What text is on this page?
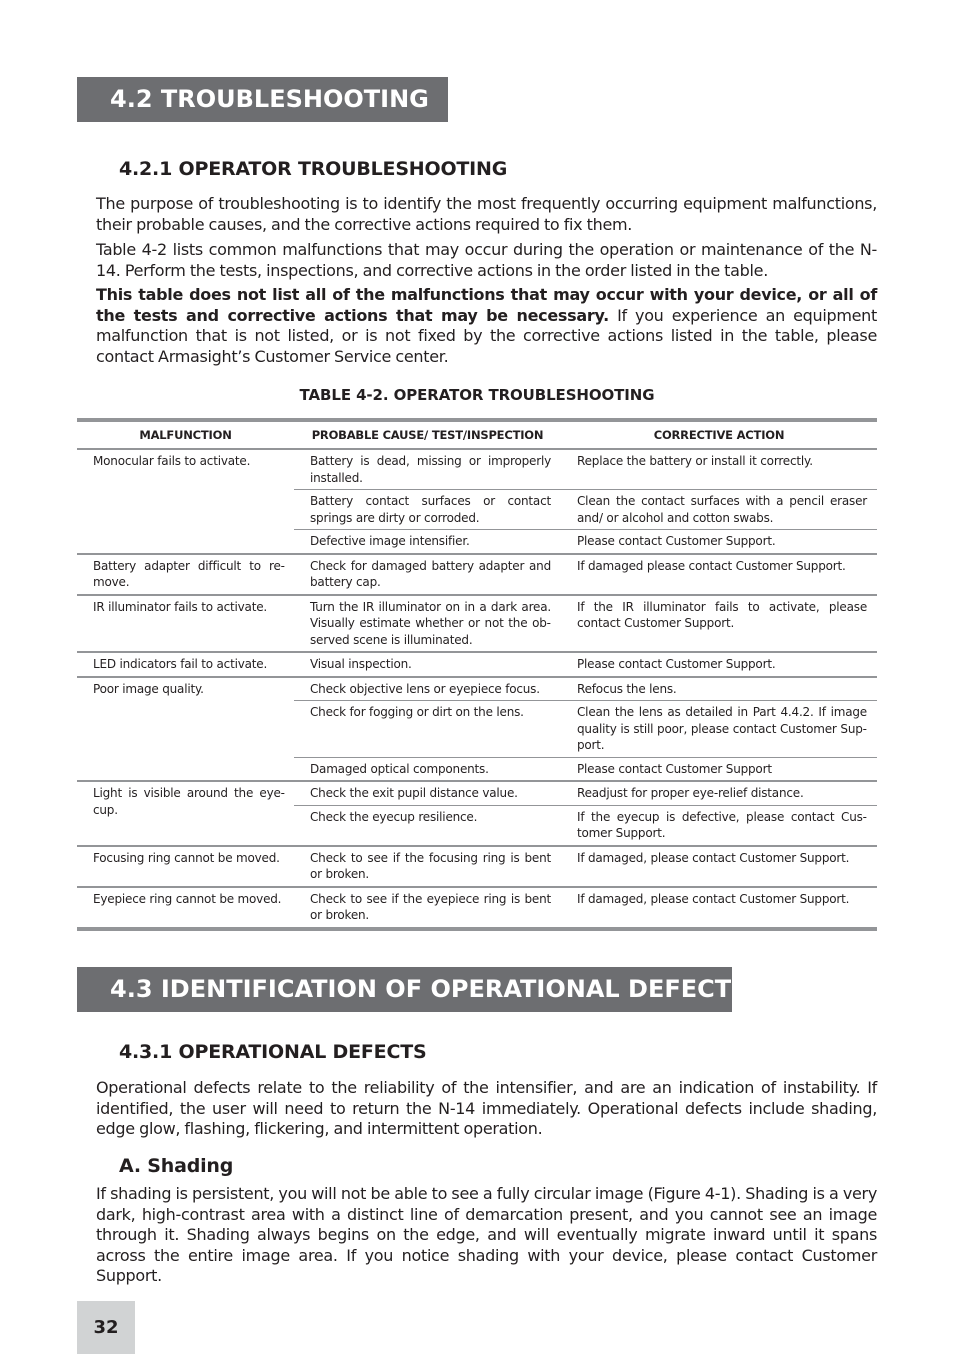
4.2 TROUBLESHOOTING
4.2.1 OPERATOR TROUBLESHOOTING

The purpose of troubleshooting is to identify the most frequently occurring equipment malfunctions, their probable causes, and the corrective actions required to fix them.

Table 4-2 lists common malfunctions that may occur during the operation or maintenance of the N-14. Perform the tests, inspections, and corrective actions in the order listed in the table.

This table does not list all of the malfunctions that may occur with your device, or all of the tests and corrective actions that may be necessary. If you experience an equipment malfunction that is not listed, or is not fixed by the corrective actions listed in the table, please contact Armasight’s Customer Service center.

TABLE 4-2. OPERATOR TROUBLESHOOTING
MALFUNCTION	PROBABLE CAUSE/ TEST/INSPECTION	CORRECTIVE ACTION
Monocular fails to activate.	Battery is dead, missing or improperly installed.	Replace the battery or install it correctly.
	Battery contact surfaces or contact springs are dirty or corroded.	Clean the contact surfaces with a pencil eraser and/ or alcohol and cotton swabs.
	Defective image intensifier.	Please contact Customer Support.
Battery adapter difficult to remove.	Check for damaged battery adapter and battery cap.	If damaged please contact Customer Support.
IR illuminator fails to activate.	Turn the IR illuminator on in a dark area. Visually estimate whether or not the observed scene is illuminated.	If the IR illuminator fails to activate, please contact Customer Support.
LED indicators fail to activate.	Visual inspection.	Please contact Customer Support.
Poor image quality.	Check objective lens or eyepiece focus.	Refocus the lens.
	Check for fogging or dirt on the lens.	Clean the lens as detailed in Part 4.4.2. If image quality is still poor, please contact Customer Support.
	Damaged optical components.	Please contact Customer Support
Light is visible around the eyecup.	Check the exit pupil distance value.	Readjust for proper eye-relief distance.
	Check the eyecup resilience.	If the eyecup is defective, please contact Customer Support.
Focusing ring cannot be moved.	Check to see if the focusing ring is bent or broken.	If damaged, please contact Customer Support.
Eyepiece ring cannot be moved.	Check to see if the eyepiece ring is bent or broken.	If damaged, please contact Customer Support.
4.3 IDENTIFICATION OF OPERATIONAL DEFECTS
4.3.1 OPERATIONAL DEFECTS

Operational defects relate to the reliability of the intensifier, and are an indication of instability. If identified, the user will need to return the N-14 immediately. Operational defects include shading, edge glow, flashing, flickering, and intermittent operation.

A. Shading

If shading is persistent, you will not be able to see a fully circular image (Figure 4-1). Shading is a very dark, high-contrast area with a distinct line of demarcation present, and you cannot see an image through it. Shading always begins on the edge, and will eventually migrate inward until it spans across the entire image area. If you notice shading with your device, please contact Customer Support.

32
